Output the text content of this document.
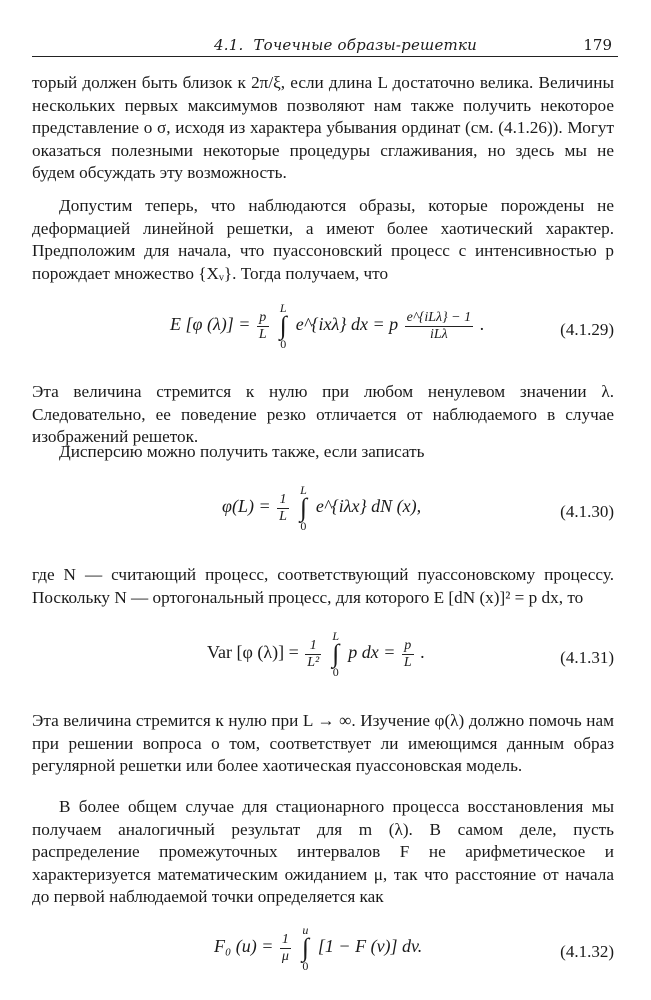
4.1. Точечные образы-решетки	179

торый должен быть близок к 2π/ξ, если длина L достаточно велика. Величины нескольких первых максимумов позволяют нам также получить некоторое представление о σ, исходя из характера убывания ординат (см. (4.1.26)). Могут оказаться полезными некоторые процедуры сглаживания, но здесь мы не будем обсуждать эту возможность.

Допустим теперь, что наблюдаются образы, которые порождены не деформацией линейной решетки, а имеют более хаотический характер. Предположим для начала, что пуассоновский процесс с интенсивностью p порождает множество {Xᵥ}. Тогда получаем, что

E [φ $(\lambda)] = \frac{p}{L}$

L
∫
0
e^{ixλ} dx = p $\frac{\text{e\textasciicircum{}\{iLλ\} − 1}}{\text{iLλ}}$ .	(4.1.29)

Эта величина стремится к нулю при любом ненулевом значении λ. Следовательно, ее поведение резко отличается от наблюдаемого в случае изображений решеток.

Дисперсию можно получить также, если записать

$\varphi(L) = \frac{1}{L}$

L
∫
0
e^{iλx} dN (x),	(4.1.30)

где N — считающий процесс, соответствующий пуассоновскому процессу. Поскольку N — ортогональный процесс, для которого E [dN (x)]² = p dx, то

Var [φ $(\lambda)] = \frac{1}{\text{L²}}$

L
∫
0
p dx = $\frac{p}{L}$ .	(4.1.31)

Эта величина стремится к нулю при L → ∞. Изучение φ(λ) должно помочь нам при решении вопроса о том, соответствует ли имеющимся данным образ регулярной решетки или более хаотическая пуассоновская модель.

В более общем случае для стационарного процесса восстановления мы получаем аналогичный результат для m (λ). В самом деле, пусть распределение промежуточных интервалов F не арифметическое и характеризуется математическим ожиданием μ, так что расстояние от начала до первой наблюдаемой точки определяется как

F₀ $(u) = \frac{1}{\mu}$

u
∫
0
[1 − F (v)] dv.	(4.1.32)
